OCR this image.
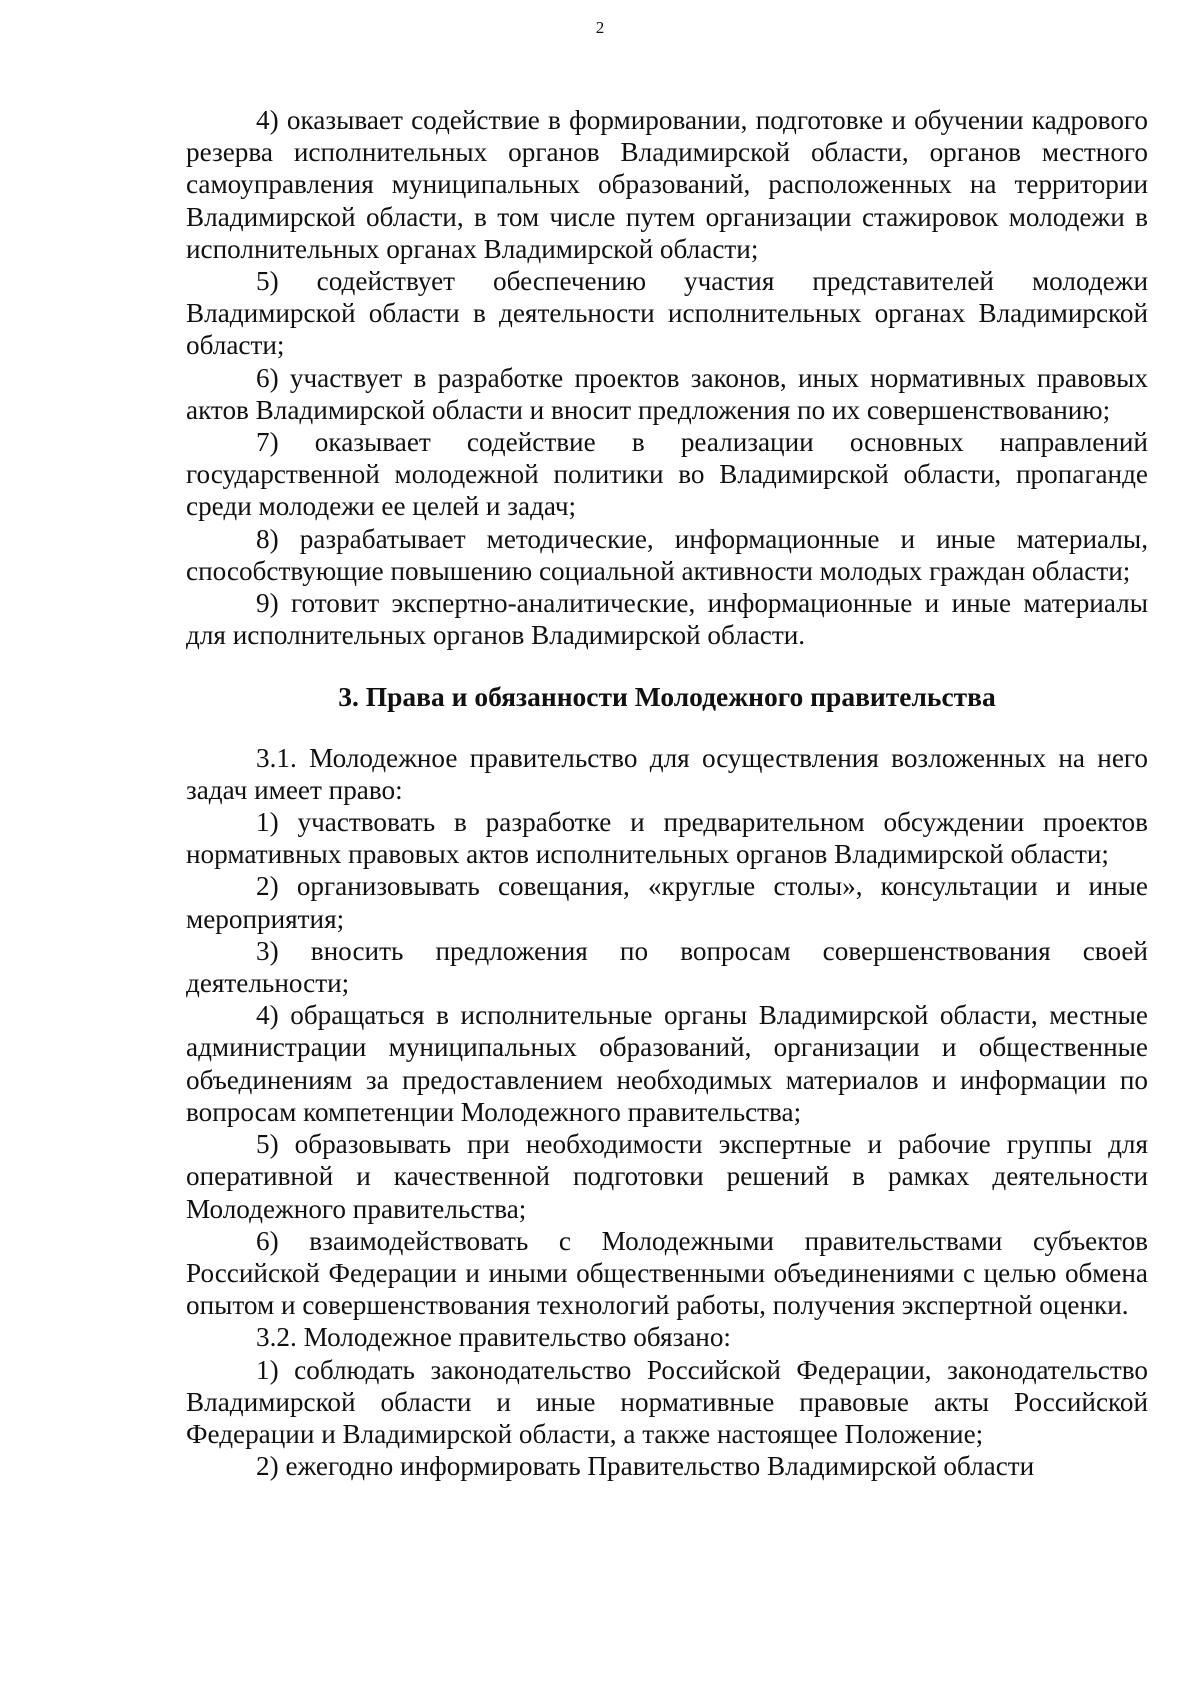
2

4) оказывает содействие в формировании, подготовке и обучении кадрового резерва исполнительных органов Владимирской области, органов местного самоуправления муниципальных образований, расположенных на территории Владимирской области, в том числе путем организации стажировок молодежи в исполнительных органах Владимирской области;

5) содействует обеспечению участия представителей молодежи Владимирской области в деятельности исполнительных органах Владимирской области;

6) участвует в разработке проектов законов, иных нормативных правовых актов Владимирской области и вносит предложения по их совершенствованию;

7) оказывает содействие в реализации основных направлений государственной молодежной политики во Владимирской области, пропаганде среди молодежи ее целей и задач;

8) разрабатывает методические, информационные и иные материалы, способствующие повышению социальной активности молодых граждан области;

9) готовит экспертно-аналитические, информационные и иные материалы для исполнительных органов Владимирской области.

3. Права и обязанности Молодежного правительства

3.1. Молодежное правительство для осуществления возложенных на него задач имеет право:

1) участвовать в разработке и предварительном обсуждении проектов нормативных правовых актов исполнительных органов Владимирской области;

2) организовывать совещания, «круглые столы», консультации и иные мероприятия;

3) вносить предложения по вопросам совершенствования своей деятельности;

4) обращаться в исполнительные органы Владимирской области, местные администрации муниципальных образований, организации и общественные объединениям за предоставлением необходимых материалов и информации по вопросам компетенции Молодежного правительства;

5) образовывать при необходимости экспертные и рабочие группы для оперативной и качественной подготовки решений в рамках деятельности Молодежного правительства;

6) взаимодействовать с Молодежными правительствами субъектов Российской Федерации и иными общественными объединениями с целью обмена опытом и совершенствования технологий работы, получения экспертной оценки.

3.2. Молодежное правительство обязано:

1) соблюдать законодательство Российской Федерации, законодательство Владимирской области и иные нормативные правовые акты Российской Федерации и Владимирской области, а также настоящее Положение;

2) ежегодно информировать Правительство Владимирской области
